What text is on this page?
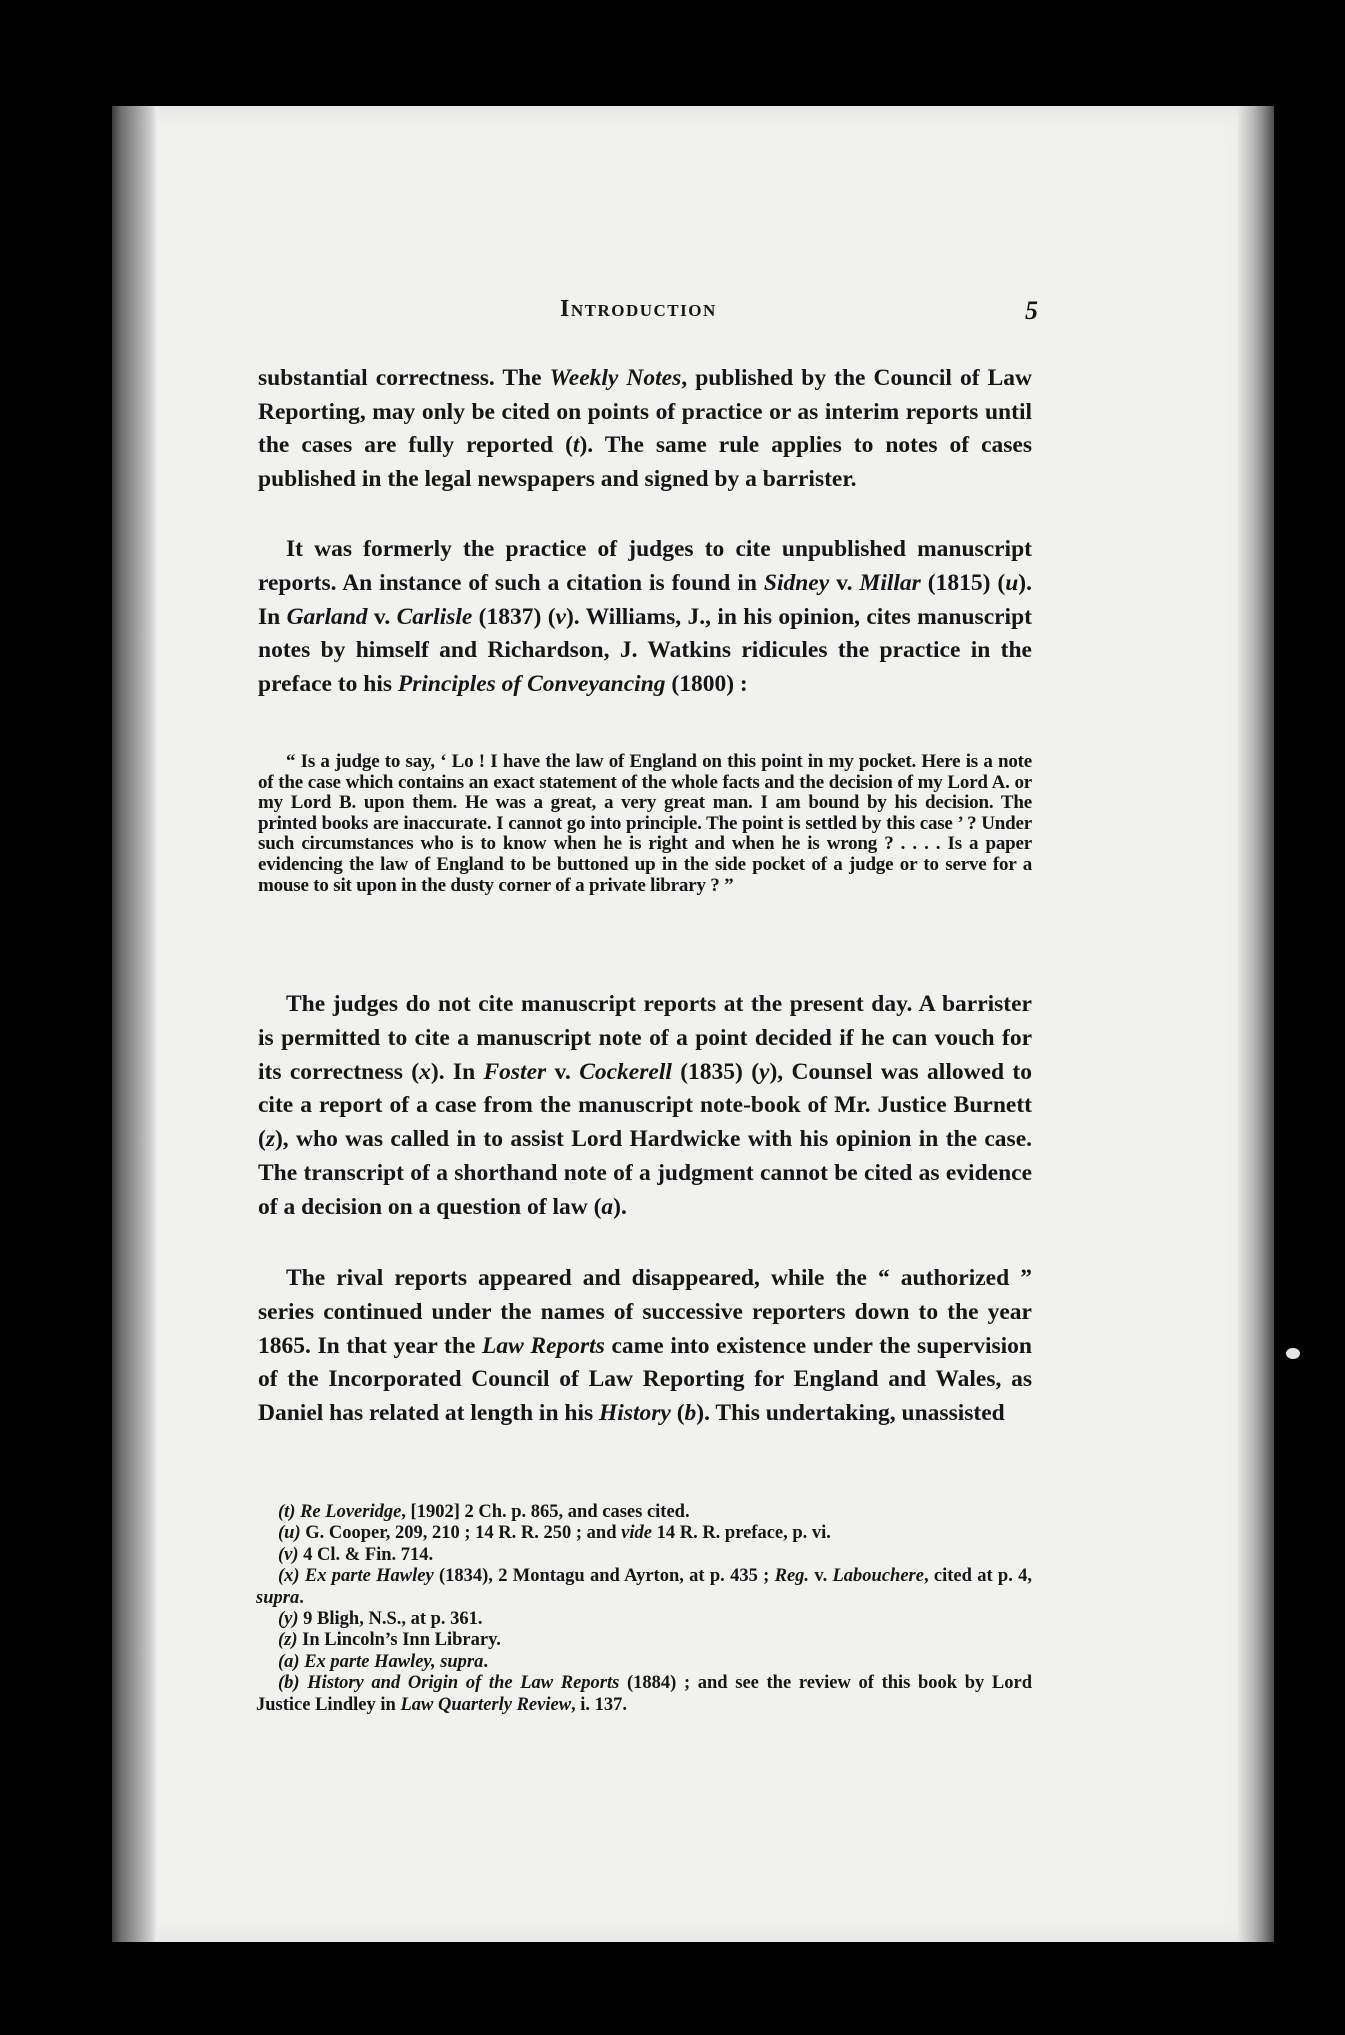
Introduction	5

substantial correctness. The Weekly Notes, published by the Council of Law Reporting, may only be cited on points of practice or as interim reports until the cases are fully reported (t). The same rule applies to notes of cases published in the legal newspapers and signed by a barrister.

It was formerly the practice of judges to cite unpublished manuscript reports. An instance of such a citation is found in Sidney v. Millar (1815) (u). In Garland v. Carlisle (1837) (v). Williams, J., in his opinion, cites manuscript notes by himself and Richardson, J. Watkins ridicules the practice in the preface to his Principles of Conveyancing (1800) :

“ Is a judge to say, ‘ Lo ! I have the law of England on this point in my pocket. Here is a note of the case which contains an exact statement of the whole facts and the decision of my Lord A. or my Lord B. upon them. He was a great, a very great man. I am bound by his decision. The printed books are inaccurate. I cannot go into principle. The point is settled by this case ’ ? Under such circumstances who is to know when he is right and when he is wrong ? . . . . Is a paper evidencing the law of England to be buttoned up in the side pocket of a judge or to serve for a mouse to sit upon in the dusty corner of a private library ? ”

The judges do not cite manuscript reports at the present day. A barrister is permitted to cite a manuscript note of a point decided if he can vouch for its correctness (x). In Foster v. Cockerell (1835) (y), Counsel was allowed to cite a report of a case from the manuscript note-book of Mr. Justice Burnett (z), who was called in to assist Lord Hardwicke with his opinion in the case. The transcript of a shorthand note of a judgment cannot be cited as evidence of a decision on a question of law (a).

The rival reports appeared and disappeared, while the “ authorized ” series continued under the names of successive reporters down to the year 1865. In that year the Law Reports came into existence under the supervision of the Incorporated Council of Law Reporting for England and Wales, as Daniel has related at length in his History (b). This undertaking, unassisted

(t) Re Loveridge, [1902] 2 Ch. p. 865, and cases cited.

(u) G. Cooper, 209, 210 ; 14 R. R. 250 ; and vide 14 R. R. preface, p. vi.

(v) 4 Cl. & Fin. 714.

(x) Ex parte Hawley (1834), 2 Montagu and Ayrton, at p. 435 ; Reg. v. Labouchere, cited at p. 4, supra.

(y) 9 Bligh, N.S., at p. 361.

(z) In Lincoln’s Inn Library.

(a) Ex parte Hawley, supra.

(b) History and Origin of the Law Reports (1884) ; and see the review of this book by Lord Justice Lindley in Law Quarterly Review, i. 137.
